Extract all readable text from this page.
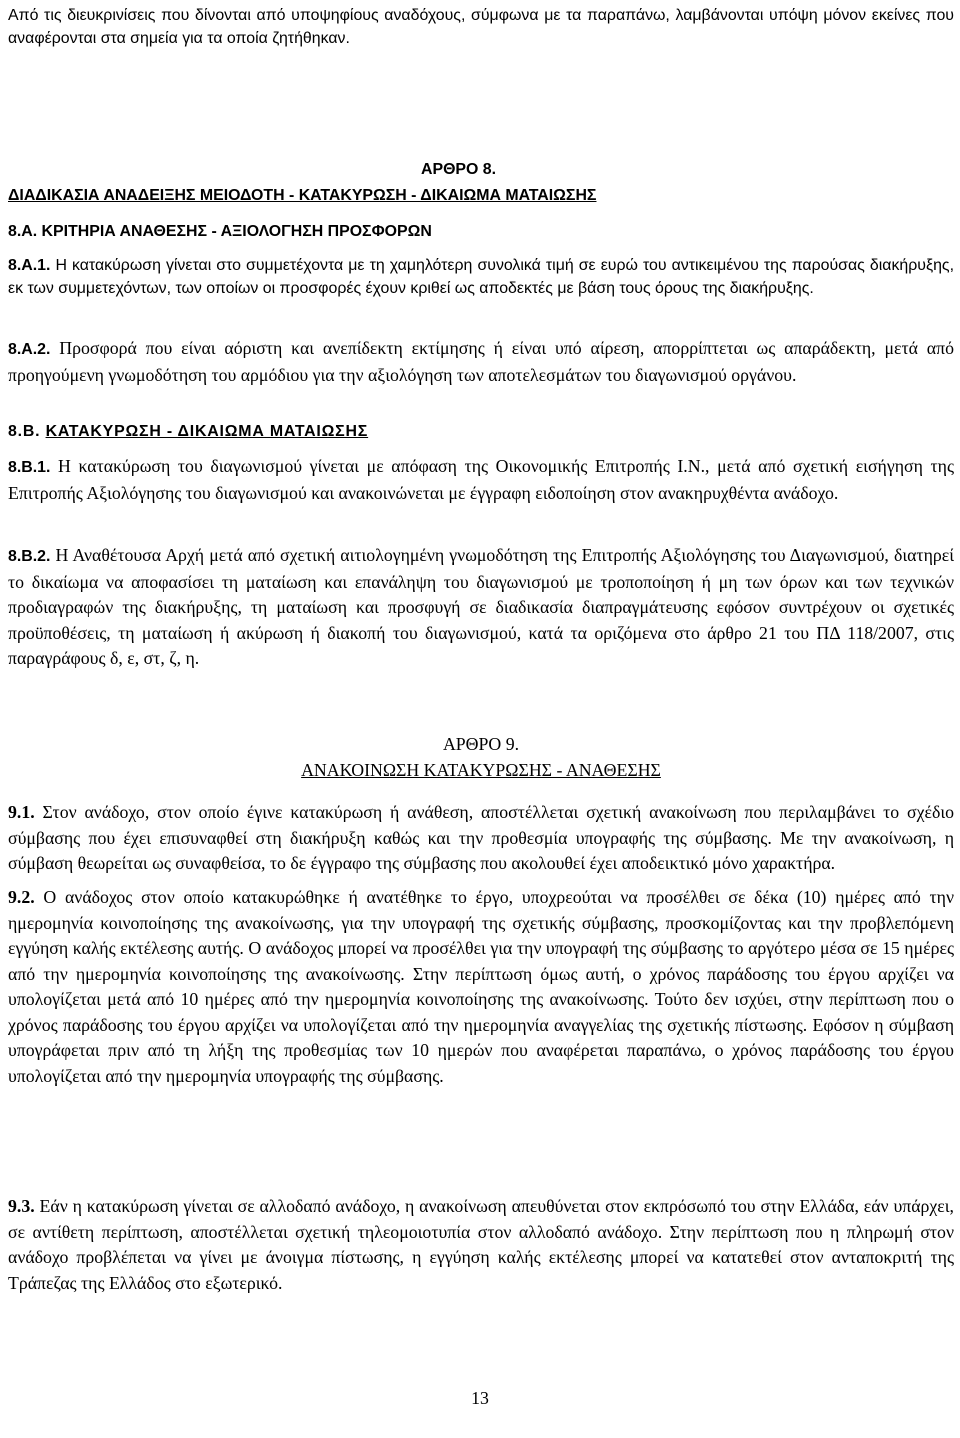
Από τις διευκρινίσεις που δίνονται από υποψηφίους αναδόχους, σύμφωνα με τα παραπάνω, λαμβάνονται υπόψη μόνον εκείνες που αναφέρονται στα σημεία για τα οποία ζητήθηκαν.

ΑΡΘΡΟ 8.

ΔΙΑΔΙΚΑΣΙΑ ΑΝΑΔΕΙΞΗΣ ΜΕΙΟΔΟΤΗ - ΚΑΤΑΚΥΡΩΣΗ - ΔΙΚΑΙΩΜΑ ΜΑΤΑΙΩΣΗΣ

8.Α. ΚΡΙΤΗΡΙΑ ΑΝΑΘΕΣΗΣ - ΑΞΙΟΛΟΓΗΣΗ ΠΡΟΣΦΟΡΩΝ

8.Α.1. Η κατακύρωση γίνεται στο συμμετέχοντα με τη χαμηλότερη συνολικά τιμή σε ευρώ του αντικειμένου της παρούσας διακήρυξης, εκ των συμμετεχόντων, των οποίων οι προσφορές έχουν κριθεί ως αποδεκτές με βάση τους όρους της διακήρυξης.

8.Α.2. Προσφορά που είναι αόριστη και ανεπίδεκτη εκτίμησης ή είναι υπό αίρεση, απορρίπτεται ως απαράδεκτη, μετά από προηγούμενη γνωμοδότηση του αρμόδιου για την αξιολόγηση των αποτελεσμάτων του διαγωνισμού οργάνου.

8.Β. ΚΑΤΑΚΥΡΩΣΗ - ΔΙΚΑΙΩΜΑ ΜΑΤΑΙΩΣΗΣ

8.Β.1. Η κατακύρωση του διαγωνισμού γίνεται με απόφαση της Οικονομικής Επιτροπής Ι.Ν., μετά από σχετική εισήγηση της Επιτροπής Αξιολόγησης του διαγωνισμού και ανακοινώνεται με έγγραφη ειδοποίηση στον ανακηρυχθέντα ανάδοχο.

8.Β.2. Η Αναθέτουσα Αρχή μετά από σχετική αιτιολογημένη γνωμοδότηση της Επιτροπής Αξιολόγησης του Διαγωνισμού, διατηρεί το δικαίωμα να αποφασίσει τη ματαίωση και επανάληψη του διαγωνισμού με τροποποίηση ή μη των όρων και των τεχνικών προδιαγραφών της διακήρυξης, τη ματαίωση και προσφυγή σε διαδικασία διαπραγμάτευσης εφόσον συντρέχουν οι σχετικές προϋποθέσεις, τη ματαίωση ή ακύρωση ή διακοπή του διαγωνισμού, κατά τα οριζόμενα στο άρθρο 21 του ΠΔ 118/2007, στις παραγράφους δ, ε, στ, ζ, η.

ΑΡΘΡΟ 9.

ΑΝΑΚΟΙΝΩΣΗ ΚΑΤΑΚΥΡΩΣΗΣ - ΑΝΑΘΕΣΗΣ

9.1. Στον ανάδοχο, στον οποίο έγινε κατακύρωση ή ανάθεση, αποστέλλεται σχετική ανακοίνωση που περιλαμβάνει το σχέδιο σύμβασης που έχει επισυναφθεί στη διακήρυξη καθώς και την προθεσμία υπογραφής της σύμβασης. Με την ανακοίνωση, η σύμβαση θεωρείται ως συναφθείσα, το δε έγγραφο της σύμβασης που ακολουθεί έχει αποδεικτικό μόνο χαρακτήρα.

9.2. Ο ανάδοχος στον οποίο κατακυρώθηκε ή ανατέθηκε το έργο, υποχρεούται να προσέλθει σε δέκα (10) ημέρες από την ημερομηνία κοινοποίησης της ανακοίνωσης, για την υπογραφή της σχετικής σύμβασης, προσκομίζοντας και την προβλεπόμενη εγγύηση καλής εκτέλεσης αυτής. Ο ανάδοχος μπορεί να προσέλθει για την υπογραφή της σύμβασης το αργότερο μέσα σε 15 ημέρες από την ημερομηνία κοινοποίησης της ανακοίνωσης. Στην περίπτωση όμως αυτή, ο χρόνος παράδοσης του έργου αρχίζει να υπολογίζεται μετά από 10 ημέρες από την ημερομηνία κοινοποίησης της ανακοίνωσης. Τούτο δεν ισχύει, στην περίπτωση που ο χρόνος παράδοσης του έργου αρχίζει να υπολογίζεται από την ημερομηνία αναγγελίας της σχετικής πίστωσης. Εφόσον η σύμβαση υπογράφεται πριν από τη λήξη της προθεσμίας των 10 ημερών που αναφέρεται παραπάνω, ο χρόνος παράδοσης του έργου υπολογίζεται από την ημερομηνία υπογραφής της σύμβασης.

9.3. Εάν η κατακύρωση γίνεται σε αλλοδαπό ανάδοχο, η ανακοίνωση απευθύνεται στον εκπρόσωπό του στην Ελλάδα, εάν υπάρχει, σε αντίθετη περίπτωση, αποστέλλεται σχετική τηλεομοιοτυπία στον αλλοδαπό ανάδοχο. Στην περίπτωση που η πληρωμή στον ανάδοχο προβλέπεται να γίνει με άνοιγμα πίστωσης, η εγγύηση καλής εκτέλεσης μπορεί να κατατεθεί στον ανταποκριτή της Τράπεζας της Ελλάδος στο εξωτερικό.

13
